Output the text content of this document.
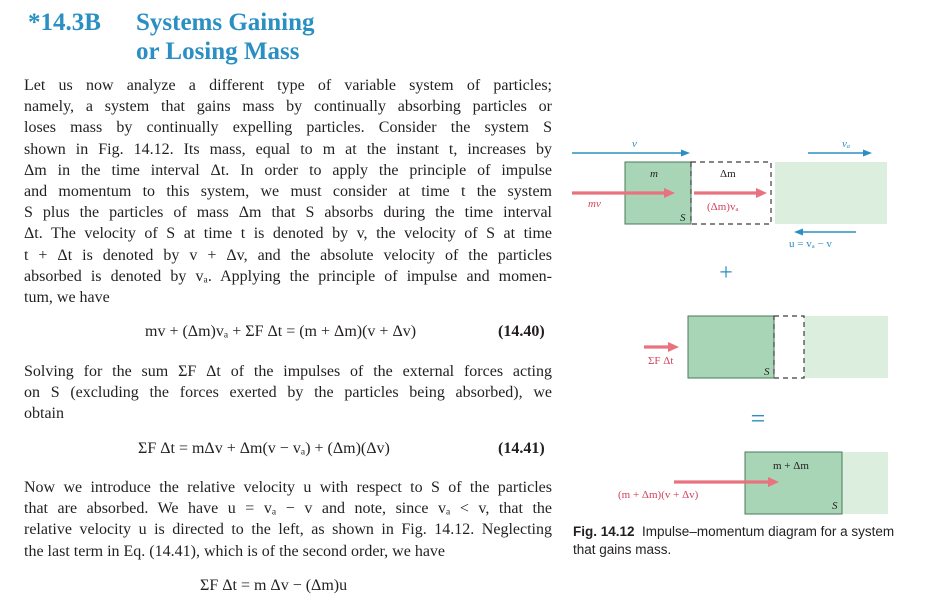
*14.3B Systems Gaining
or Losing Mass
Let us now analyze a different type of variable system of particles;
namely, a system that gains mass by continually absorbing particles or
loses mass by continually expelling particles. Consider the system S
shown in Fig. 14.12. Its mass, equal to m at the instant t, increases by
Δm in the time interval Δt. In order to apply the principle of impulse
and momentum to this system, we must consider at time t the system
S plus the particles of mass Δm that S absorbs during the time interval
Δt. The velocity of S at time t is denoted by v, the velocity of S at time
t + Δt is denoted by v + Δv, and the absolute velocity of the particles
absorbed is denoted by vₐ. Applying the principle of impulse and momen-
tum, we have
mv + (Δm)vₐ + ΣF Δt = (m + Δm)(v + Δv)	(14.40)
Solving for the sum ΣF Δt of the impulses of the external forces acting
on S (excluding the forces exerted by the particles being absorbed), we
obtain
ΣF Δt = mΔv + Δm(v − vₐ) + (Δm)(Δv)	(14.41)
Now we introduce the relative velocity u with respect to S of the particles
that are absorbed. We have u = vₐ − v and note, since vₐ < v, that the
relative velocity u is directed to the left, as shown in Fig. 14.12. Neglecting
the last term in Eq. (14.41), which is of the second order, we have
ΣF Δt = m Δv − (Δm)u
v	vₐ
mv	(Δm)vₐ
m	Δm
S
u = vₐ − v
+
ΣF Δt
S
=
m + Δm
(m + Δm)(v + Δv)
S
Fig. 14.12 Impulse–momentum diagram for a system that gains mass.
